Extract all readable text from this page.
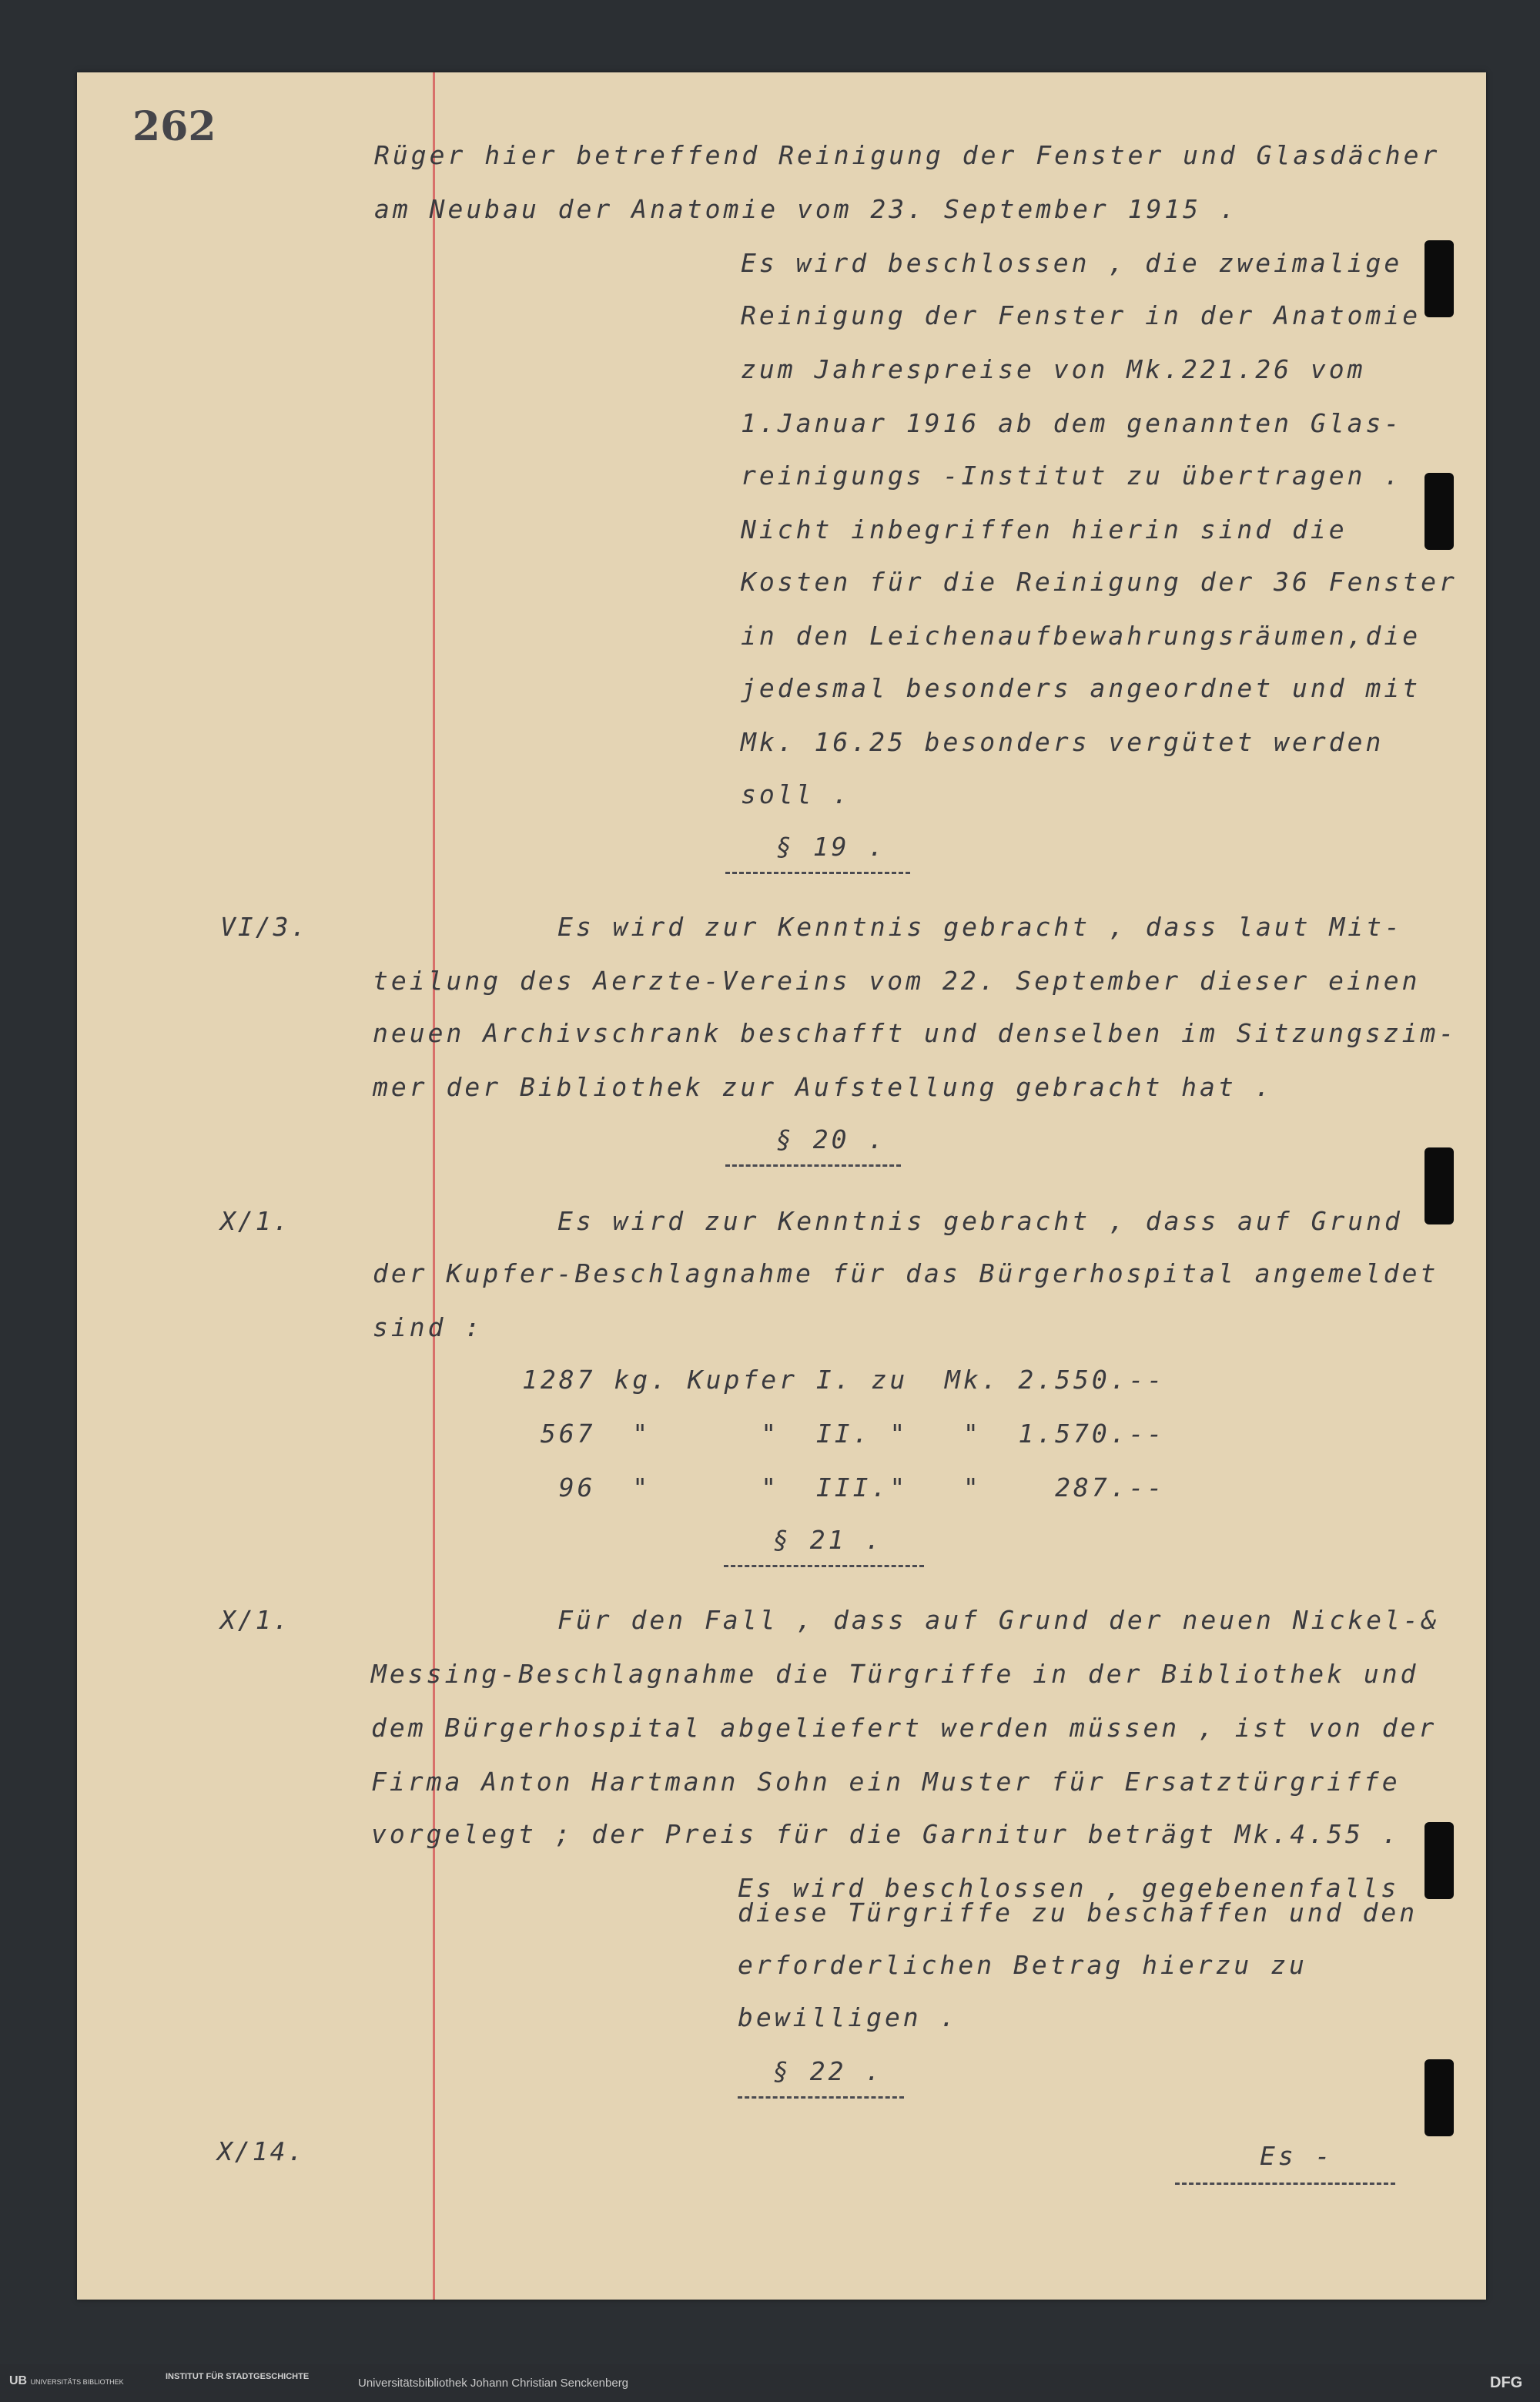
262
Rüger hier betreffend Reinigung der Fenster und Glasdächer
am Neubau der Anatomie vom 23. September 1915 .
Es wird beschlossen , die zweimalige
Reinigung der Fenster in der Anatomie
zum Jahrespreise von Mk.221.26 vom
1.Januar 1916 ab dem genannten Glas-
reinigungs -Institut zu übertragen .
Nicht inbegriffen hierin sind die
Kosten für die Reinigung der 36 Fenster
in den Leichenaufbewahrungsräumen,die
jedesmal besonders angeordnet und mit
Mk. 16.25 besonders vergütet werden
soll .
§ 19 .
VI/3.	Es wird zur Kenntnis gebracht , dass laut Mit-
teilung des Aerzte-Vereins vom 22. September dieser einen
neuen Archivschrank beschafft und denselben im Sitzungszim-
mer der Bibliothek zur Aufstellung gebracht hat .
§ 20 .
X/1.	Es wird zur Kenntnis gebracht , dass auf Grund
der Kupfer-Beschlagnahme für das Bürgerhospital angemeldet
sind :
1287 kg. Kupfer I. zu  Mk. 2.550.--
567  "      "  II. "   "  1.570.--
96  "      "  III."   "    287.--
§ 21 .
X/1.	Für den Fall , dass auf Grund der neuen Nickel-&
Messing-Beschlagnahme die Türgriffe in der Bibliothek und
dem Bürgerhospital abgeliefert werden müssen , ist von der
Firma Anton Hartmann Sohn ein Muster für Ersatztürgriffe
vorgelegt ; der Preis für die Garnitur beträgt Mk.4.55 .
Es wird beschlossen , gegebenenfalls
diese Türgriffe zu beschaffen und den
erforderlichen Betrag hierzu zu
bewilligen .
§ 22 .
X/14.	Es -
UB UNIVERSITÄTS BIBLIOTHEK
INSTITUT FÜR STADTGESCHICHTE	Universitätsbibliothek Johann Christian Senckenberg	DFG
